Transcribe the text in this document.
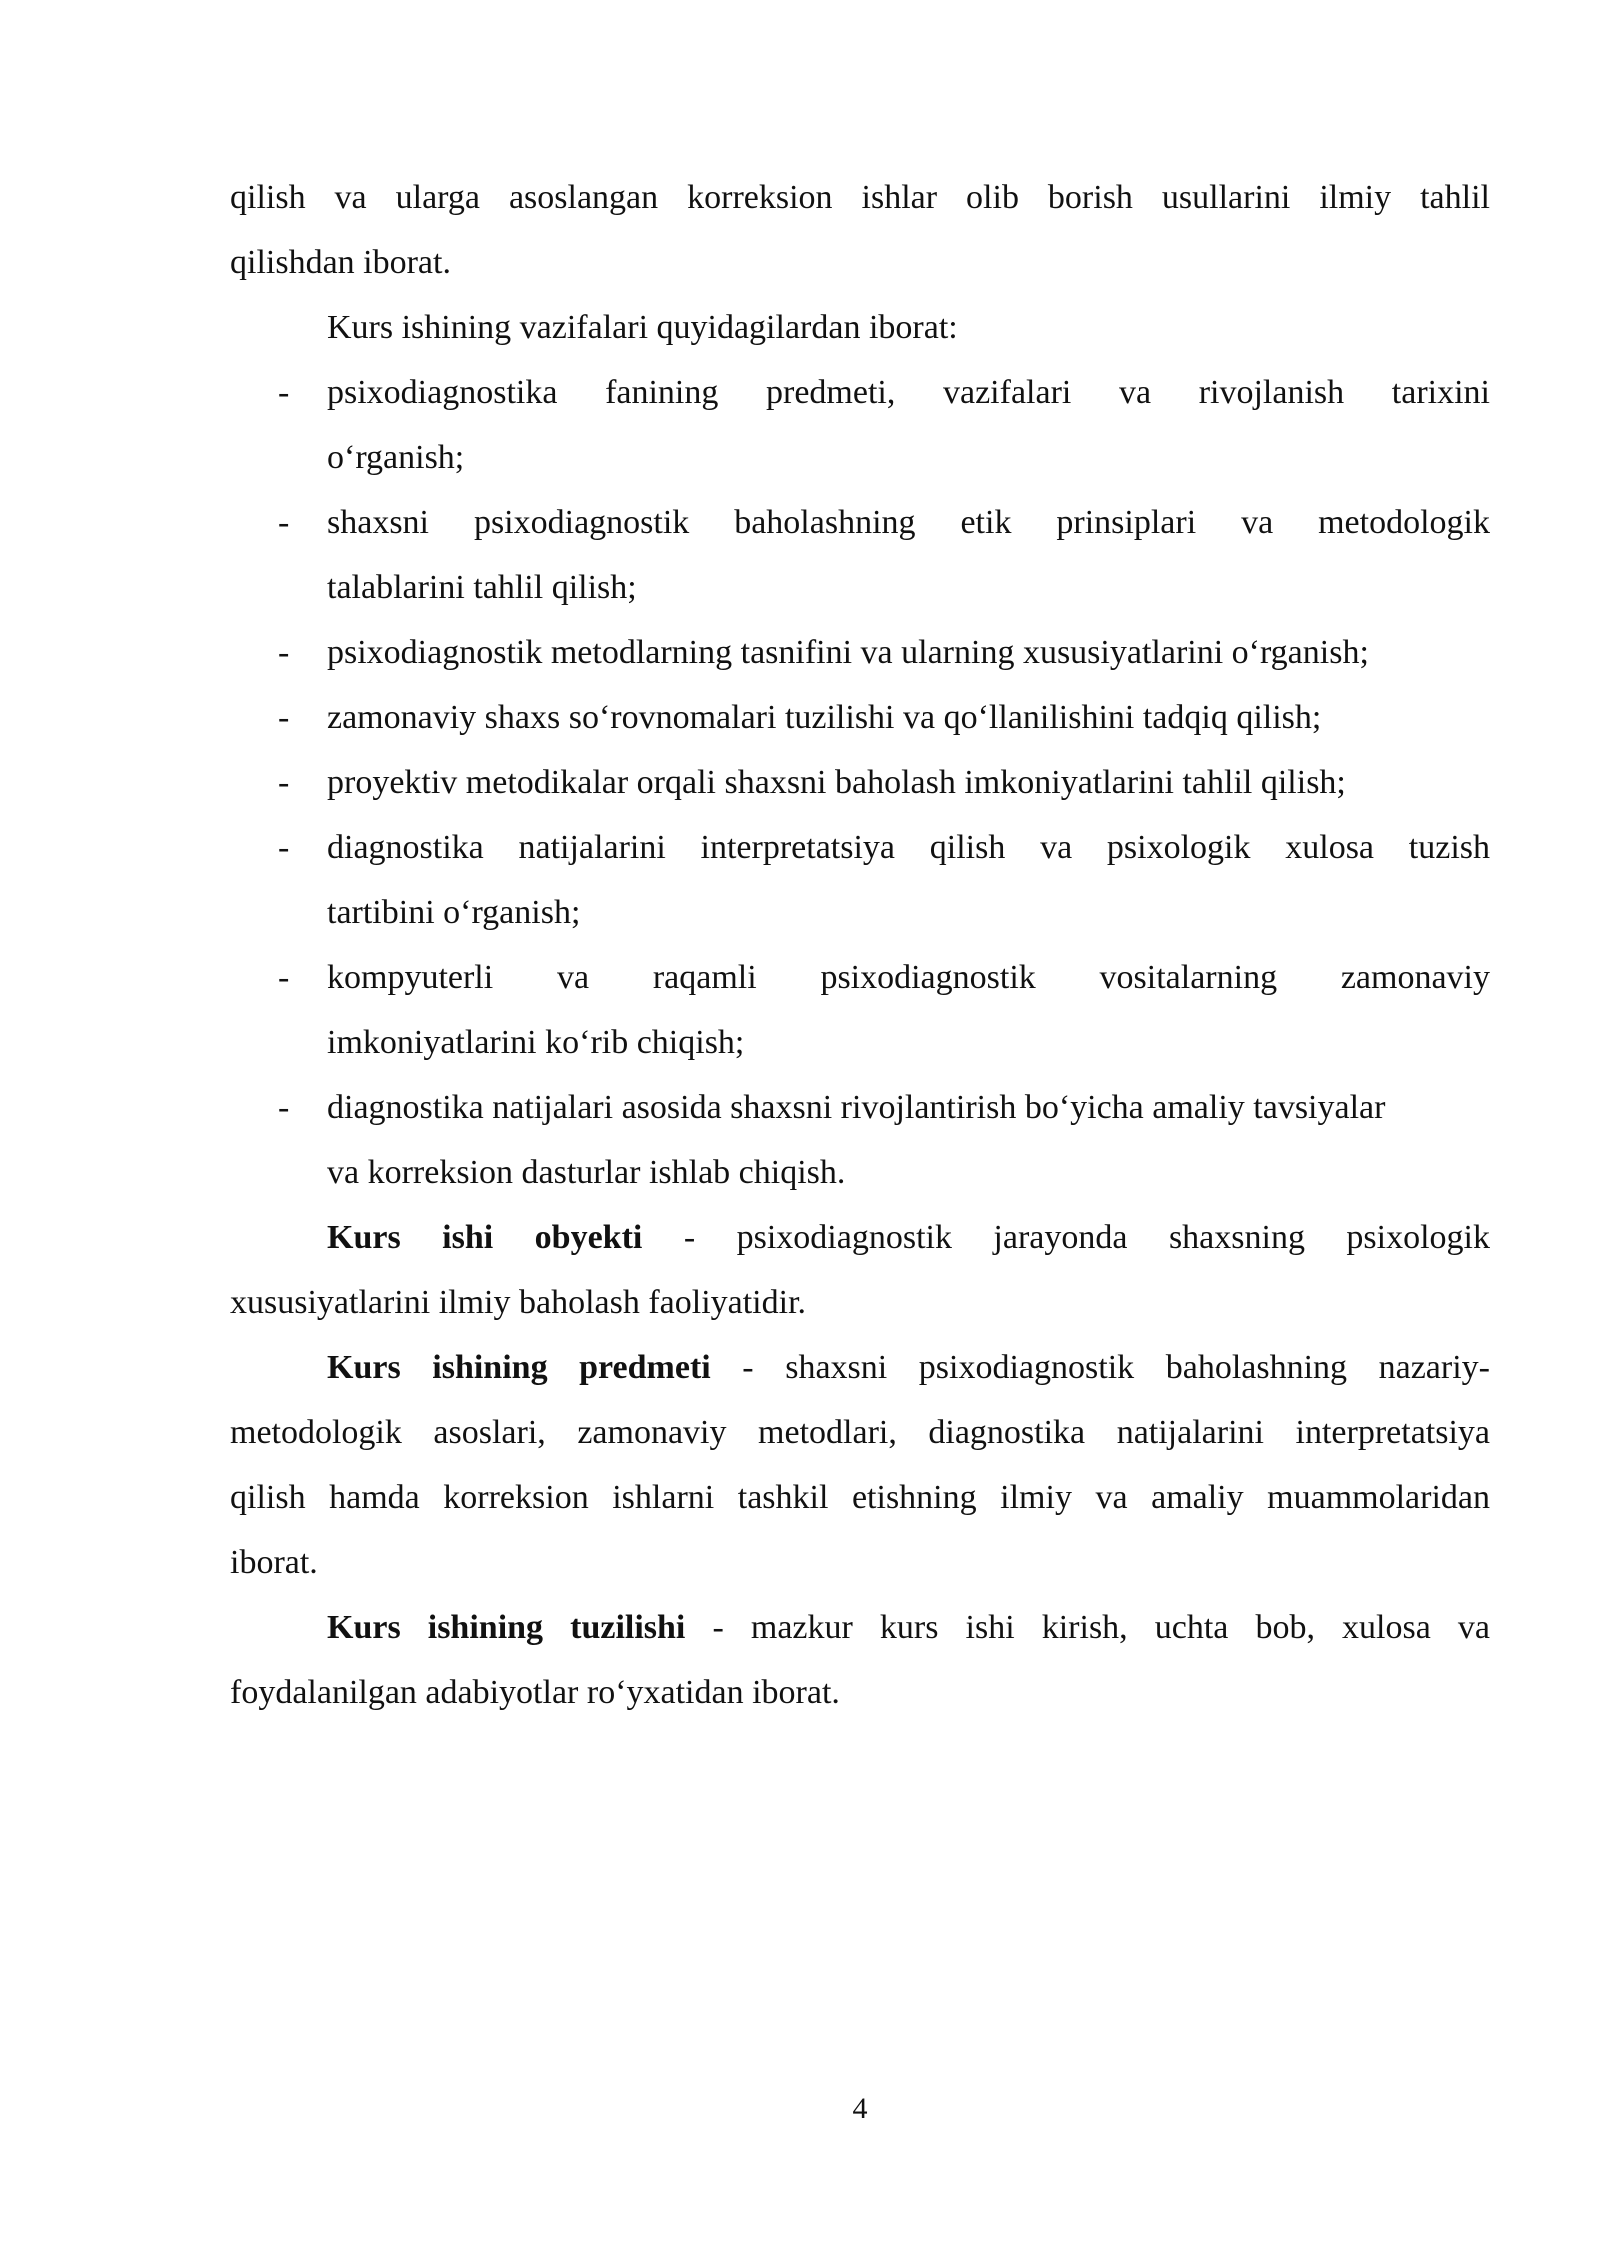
qilish va ularga asoslangan korreksion ishlar olib borish usullarini ilmiy tahlil
qilishdan iborat.
Kurs ishining vazifalari quyidagilardan iborat:
- psixodiagnostika fanining predmeti, vazifalari va rivojlanish tarixini
o‘rganish;
- shaxsni psixodiagnostik baholashning etik prinsiplari va metodologik
talablarini tahlil qilish;
- psixodiagnostik metodlarning tasnifini va ularning xususiyatlarini o‘rganish;
- zamonaviy shaxs so‘rovnomalari tuzilishi va qo‘llanilishini tadqiq qilish;
- proyektiv metodikalar orqali shaxsni baholash imkoniyatlarini tahlil qilish;
- diagnostika natijalarini interpretatsiya qilish va psixologik xulosa tuzish
tartibini o‘rganish;
- kompyuterli va raqamli psixodiagnostik vositalarning zamonaviy
imkoniyatlarini ko‘rib chiqish;
- diagnostika natijalari asosida shaxsni rivojlantirish bo‘yicha amaliy tavsiyalar
va korreksion dasturlar ishlab chiqish.
Kurs ishi obyekti - psixodiagnostik jarayonda shaxsning psixologik
xususiyatlarini ilmiy baholash faoliyatidir.
Kurs ishining predmeti - shaxsni psixodiagnostik baholashning nazariy-
metodologik asoslari, zamonaviy metodlari, diagnostika natijalarini interpretatsiya
qilish hamda korreksion ishlarni tashkil etishning ilmiy va amaliy muammolaridan
iborat.
Kurs ishining tuzilishi - mazkur kurs ishi kirish, uchta bob, xulosa va
foydalanilgan adabiyotlar ro‘yxatidan iborat.
4
